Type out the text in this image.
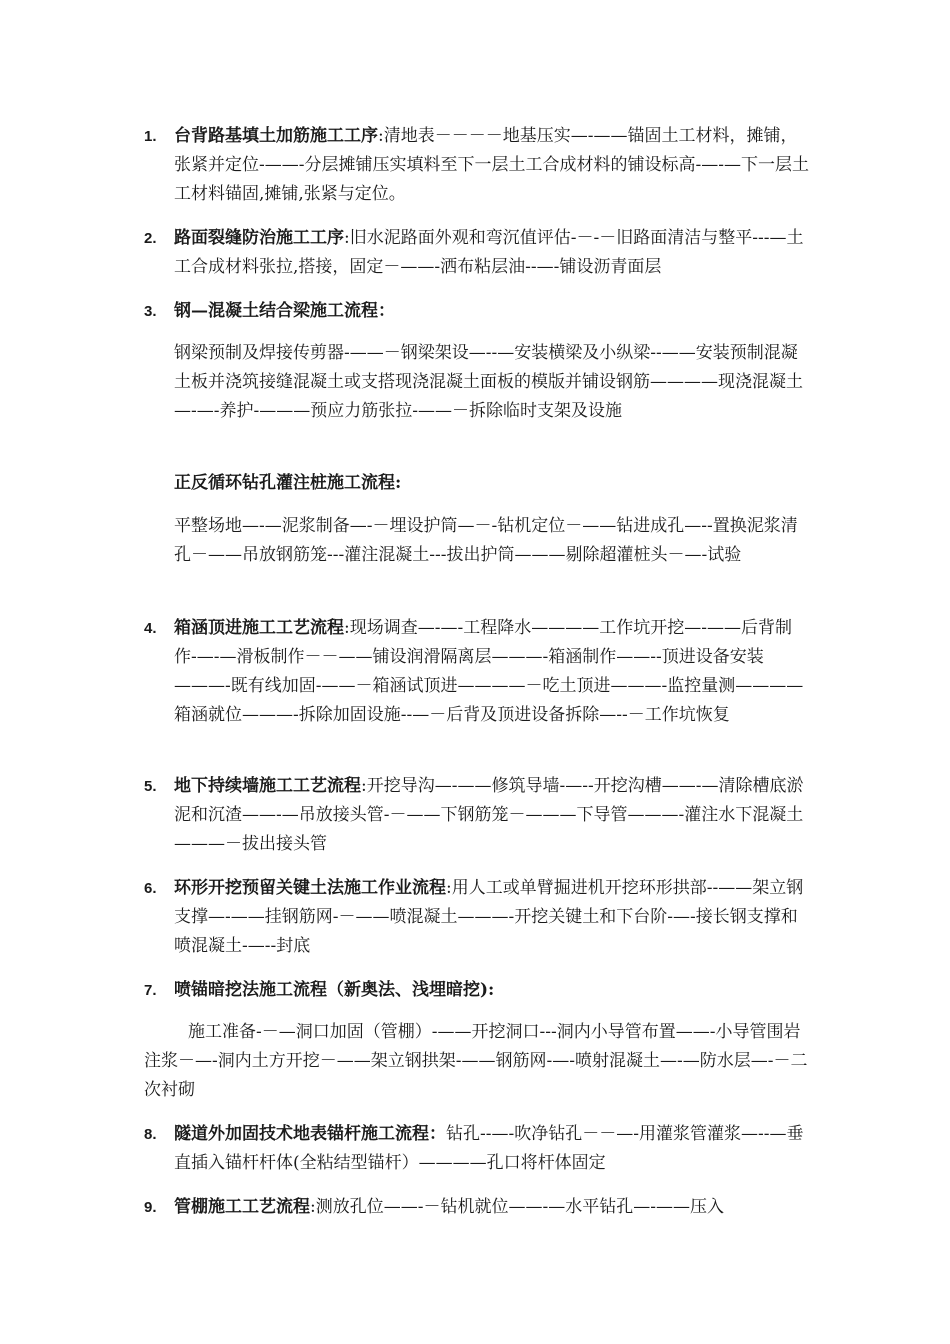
1. 台背路基填土加筋施工工序:清地表－－－－地基压实—-——锚固土工材料，摊铺，张紧并定位-——-分层摊铺压实填料至下一层土工合成材料的铺设标高-—-—下一层土工材料锚固,摊铺,张紧与定位。
2. 路面裂缝防治施工工序:旧水泥路面外观和弯沉值评估-－-－旧路面清洁与整平---—土工合成材料张拉,搭接，固定－——-洒布粘层油--—-铺设沥青面层
3. 钢—混凝土结合梁施工流程：
钢梁预制及焊接传剪器-——－钢梁架设—--—安装横梁及小纵梁--——安装预制混凝土板并浇筑接缝混凝土或支搭现浇混凝土面板的模版并铺设钢筋————现浇混凝土—-—-养护-———预应力筋张拉-——－拆除临时支架及设施
正反循环钻孔灌注桩施工流程:
平整场地—-—泥浆制备—-－埋设护筒—－-钻机定位－——钻进成孔—--置换泥浆清孔－——吊放钢筋笼---灌注混凝土---拔出护筒———剔除超灌桩头－—-试验
4. 箱涵顶进施工工艺流程:现场调查—-—-工程降水————工作坑开挖—-——后背制作-—-—滑板制作－－——铺设润滑隔离层———-箱涵制作——--顶进设备安装———-既有线加固-——－箱涵试顶进————－吃土顶进———-监控量测————箱涵就位———-拆除加固设施--—－后背及顶进设备拆除—--－工作坑恢复
5. 地下持续墙施工工艺流程:开挖导沟—-——修筑导墙-—--开挖沟槽——-—清除槽底淤泥和沉渣——-—吊放接头管-－——下钢筋笼－———下导管———-灌注水下混凝土———－拔出接头管
6. 环形开挖预留关键土法施工作业流程:用人工或单臂掘进机开挖环形拱部--——架立钢支撑—-——挂钢筋网-－——喷混凝土———-开挖关键土和下台阶-—-接长钢支撑和喷混凝土-—--封底
7. 喷锚暗挖法施工流程（新奥法、浅埋暗挖):
施工准备-－—洞口加固（管棚）-——开挖洞口---洞内小导管布置——-小导管围岩注浆－—-洞内土方开挖－——架立钢拱架-——钢筋网-—-喷射混凝土—-—防水层—-－二次衬砌
8. 隧道外加固技术地表锚杆施工流程：钻孔--—-吹净钻孔－－—-用灌浆管灌浆—--—垂直插入锚杆杆体(全粘结型锚杆）————孔口将杆体固定
9. 管棚施工工艺流程:测放孔位——-－钻机就位——-—水平钻孔—-——压入
